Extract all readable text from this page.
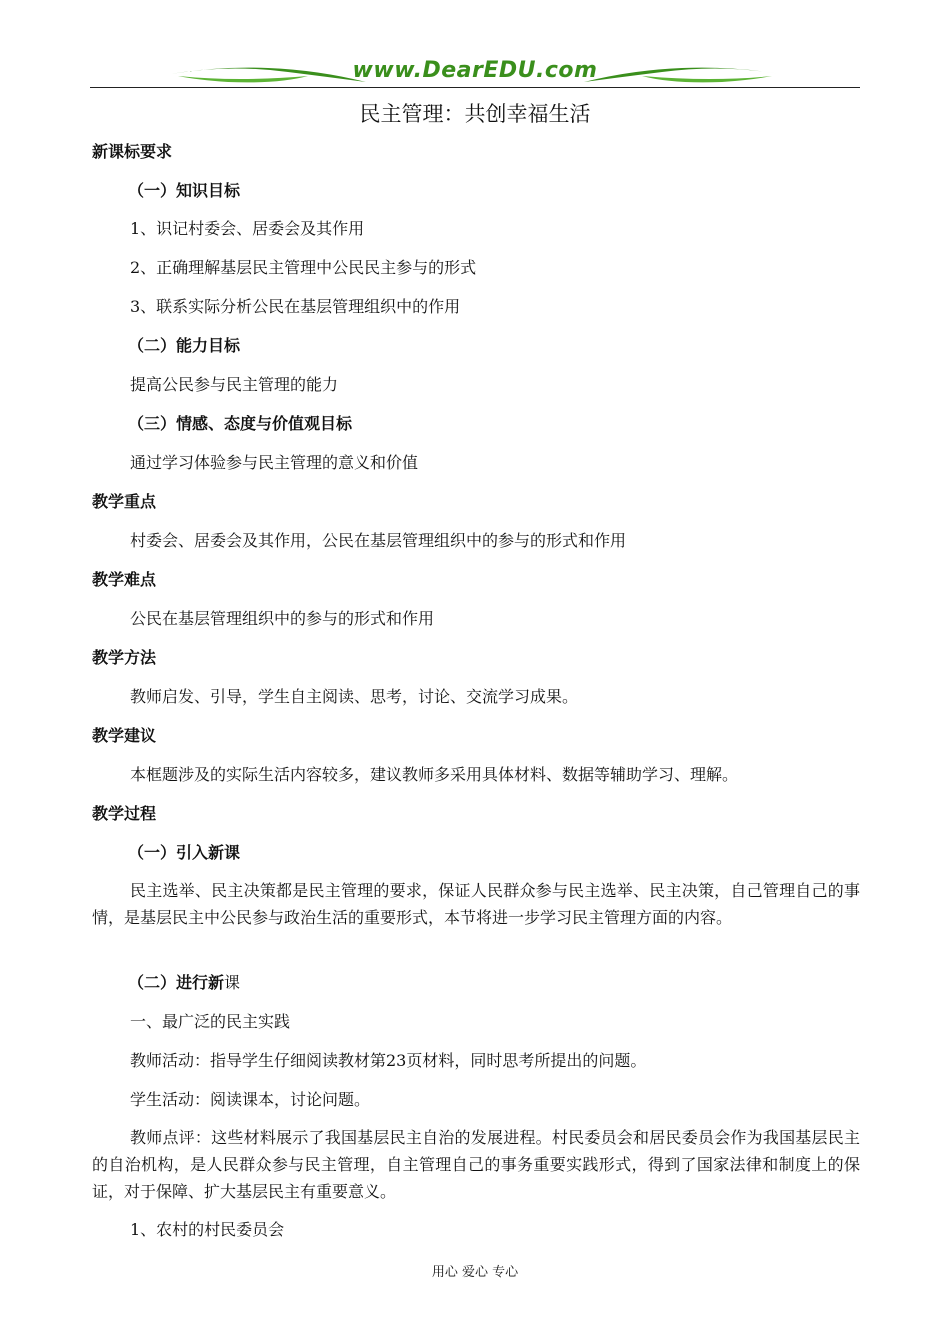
www.DearEDU.com
民主管理：共创幸福生活
新课标要求
（一）知识目标
1、识记村委会、居委会及其作用
2、正确理解基层民主管理中公民民主参与的形式
3、联系实际分析公民在基层管理组织中的作用
（二）能力目标
提高公民参与民主管理的能力
（三）情感、态度与价值观目标
通过学习体验参与民主管理的意义和价值
教学重点
村委会、居委会及其作用，公民在基层管理组织中的参与的形式和作用
教学难点
公民在基层管理组织中的参与的形式和作用
教学方法
教师启发、引导，学生自主阅读、思考，讨论、交流学习成果。
教学建议
本框题涉及的实际生活内容较多，建议教师多采用具体材料、数据等辅助学习、理解。
教学过程
（一）引入新课
民主选举、民主决策都是民主管理的要求，保证人民群众参与民主选举、民主决策，自己管理自己的事情，是基层民主中公民参与政治生活的重要形式，本节将进一步学习民主管理方面的内容。
（二）进行新课
一、最广泛的民主实践
教师活动：指导学生仔细阅读教材第23页材料，同时思考所提出的问题。
学生活动：阅读课本，讨论问题。
教师点评：这些材料展示了我国基层民主自治的发展进程。村民委员会和居民委员会作为我国基层民主的自治机构，是人民群众参与民主管理，自主管理自己的事务重要实践形式，得到了国家法律和制度上的保证，对于保障、扩大基层民主有重要意义。
1、农村的村民委员会
用心 爱心 专心
